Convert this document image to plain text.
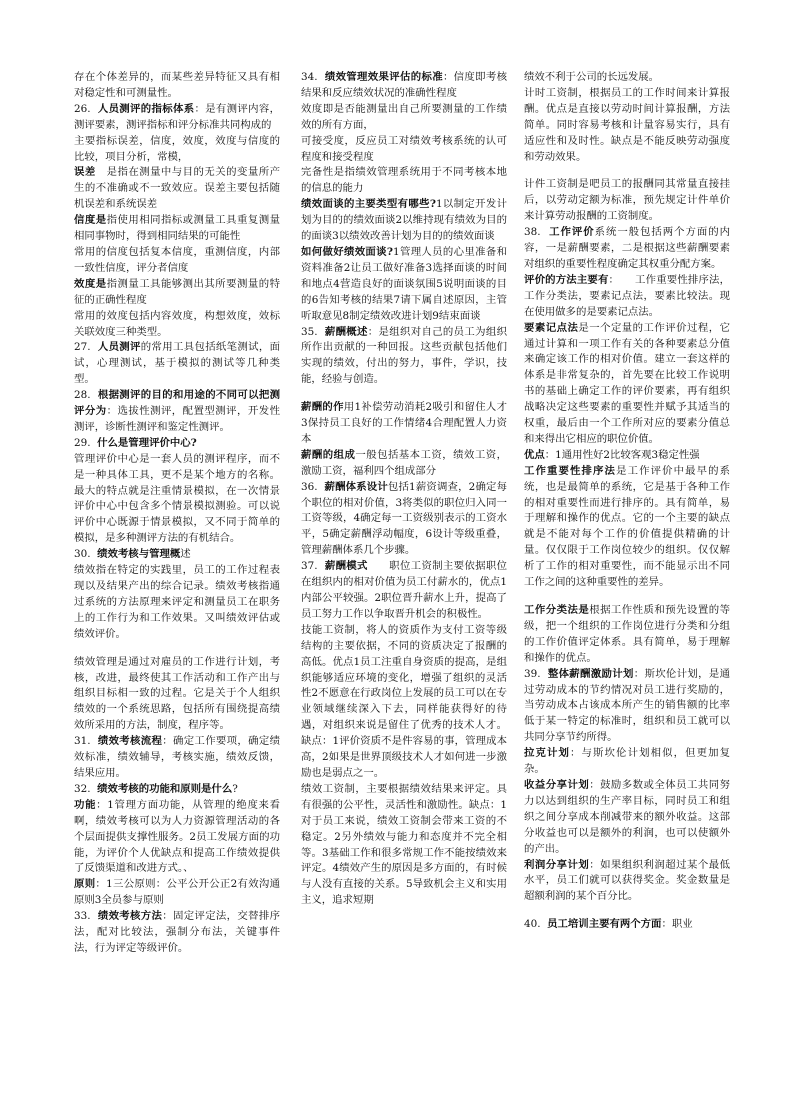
存在个体差异的，而某些差异特征又具有相对稳定性和可测量性。

26. 人员测评的指标体系：是有测评内容，测评要素，测评指标和评分标准共同构成的

主要指标误差，信度，效度，效度与信度的比较，项目分析，常模，

误差　是指在测量中与目的无关的变量所产生的不准确或不一致效应。误差主要包括随机误差和系统误差

信度是指使用相同指标或测量工具重复测量相同事物时，得到相同结果的可能性

常用的信度包括复本信度，重测信度，内部一致性信度，评分者信度

效度是指测量工具能够测出其所要测量的特征的正确性程度

常用的效度包括内容效度，构想效度，效标关联效度三种类型。

27. 人员测评的常用工具包括纸笔测试，面试，心理测试，基于模拟的测试等几种类型。

28. 根据测评的目的和用途的不同可以把测评分为：选拔性测评，配置型测评，开发性测评，诊断性测评和鉴定性测评。

29. 什么是管理评价中心?

管理评价中心是一套人员的测评程序，而不是一种具体工具，更不是某个地方的名称。最大的特点就是注重情景模拟，在一次情景评价中心中包含多个情景模拟测验。可以说评价中心既源于情景模拟，又不同于简单的模拟，是多种测评方法的有机结合。

30. 绩效考核与管理概述

绩效指在特定的实践里，员工的工作过程表现以及结果产出的综合记录。绩效考核指通过系统的方法原理来评定和测量员工在职务上的工作行为和工作效果。又叫绩效评估或绩效评价。

绩效管理是通过对雇员的工作进行计划，考核，改进，最终使其工作活动和工作产出与组织目标相一致的过程。它是关于个人组织绩效的一个系统思路，包括所有围绕提高绩效所采用的方法，制度，程序等。

31. 绩效考核流程：确定工作要项，确定绩效标准，绩效辅导，考核实施，绩效反馈，结果应用。

32. 绩效考核的功能和原则是什么?

功能：1管理方面功能，从管理的绝度来看啊，绩效考核可以为人力资源管理活动的各个层面提供支撑性服务。2员工发展方面的功能，为评价个人优缺点和提高工作绩效提供了反馈渠道和改进方式。、

原则：1三公原则：公平公开公正2有效沟通原则3全员参与原则

33. 绩效考核方法：固定评定法，交替排序法，配对比较法，强制分布法，关键事件法，行为评定等级评价。

34. 绩效管理效果评估的标准：信度即考核结果和反应绩效状况的准确性程度

效度即是否能测量出自己所要测量的工作绩效的所有方面，

可接受度，反应员工对绩效考核系统的认可程度和接受程度

完备性是指绩效管理系统用于不同考核本地的信息的能力

绩效面谈的主要类型有哪些?1以制定开发计划为目的的绩效面谈2以维持现有绩效为目的的面谈3以绩效改善计划为目的的绩效面谈

如何做好绩效面谈?1管理人员的心里准备和资料准备2让员工做好准备3选择面谈的时间和地点4营造良好的面谈氛围5说明面谈的目的6告知考核的结果7请下属自述原因，主管听取意见8制定绩效改进计划9结束面谈

35. 薪酬概述：是组织对自己的员工为组织所作出贡献的一种回报。这些贡献包括他们实现的绩效，付出的努力，事件，学识，技能，经验与创造。

薪酬的作用1补偿劳动消耗2吸引和留住人才3保持员工良好的工作情绪4合理配置人力资本

薪酬的组成一般包括基本工资，绩效工资，激励工资，福利四个组成部分

36. 薪酬体系设计包括1薪资调查，2确定每个职位的相对价值，3将类似的职位归入同一工资等级，4确定每一工资级别表示的工资水平，5确定薪酬浮动幅度，6设计等级重叠，管理薪酬体系几个步骤。

37. 薪酬模式　　职位工资制主要依据职位在组织内的相对价值为员工付薪水的，优点1内部公平较强。2职位晋升薪水上升，提高了员工努力工作以争取晋升机会的积极性。

技能工资制，将人的资质作为支付工资等级结构的主要依据，不同的资质决定了报酬的高低。优点1员工注重自身资质的提高，是组织能够适应环境的变化，增强了组织的灵活性2不愿意在行政岗位上发展的员工可以在专业领域继续深入下去，同样能获得好的待遇，对组织来说是留住了优秀的技术人才。缺点：1评价资质不是件容易的事，管理成本高，2如果是世界顶级技术人才如何进一步激励也是弱点之一。

绩效工资制，主要根据绩效结果来评定。具有很强的公平性，灵活性和激励性。缺点：1对于员工来说，绩效工资制会带来工资的不稳定。2另外绩效与能力和态度并不完全相等。3基础工作和很多常规工作不能按绩效来评定。4绩效产生的原因是多方面的，有时候与人没有直接的关系。5导致机会主义和实用主义，追求短期

绩效不利于公司的长远发展。

计时工资制，根据员工的工作时间来计算报酬。优点是直接以劳动时间计算报酬，方法简单。同时容易考核和计量容易实行，具有适应性和及时性。缺点是不能反映劳动强度和劳动效果。

计件工资制是吧员工的报酬同其常量直接挂后，以劳动定额为标准，预先规定计件单价来计算劳动报酬的工资制度。

38. 工作评价系统一般包括两个方面的内容，一是薪酬要素，二是根据这些薪酬要素对组织的重要性程度确定其权重分配方案。

评价的方法主要有：　　工作重要性排序法，工作分类法，要素记点法，要素比较法。现在使用做多的是要素记点法。

要素记点法是一个定量的工作评价过程，它通过计算和一项工作有关的各种要素总分值来确定该工作的相对价值。建立一套这样的体系是非常复杂的，首先要在比较工作说明书的基础上确定工作的评价要素，再有组织战略决定这些要素的重要性并赋予其适当的权重，最后由一个工作所对应的要素分值总和来得出它相应的职位价值。

优点：1通用性好2比较客观3稳定性强

工作重要性排序法是工作评价中最早的系统，也是最简单的系统，它是基于各种工作的相对重要性而进行排序的。具有简单，易于理解和操作的优点。它的一个主要的缺点就是不能对每个工作的价值提供精确的计量。仅仅限于工作岗位较少的组织。仅仅解析了工作的相对重要性，而不能显示出不同工作之间的这种重要性的差异。

工作分类法是根据工作性质和预先设置的等级，把一个组织的工作岗位进行分类和分组的工作价值评定体系。具有简单，易于理解和操作的优点。

39. 整体薪酬激励计划：斯坎伦计划，是通过劳动成本的节约情况对员工进行奖励的，当劳动成本占该成本所产生的销售额的比率低于某一特定的标准时，组织和员工就可以共同分享节约所得。

拉克计划：与斯坎伦计划相似，但更加复杂。

收益分享计划：鼓励多数或全体员工共同努力以达到组织的生产率目标，同时员工和组织之间分享成本削减带来的额外收益。这部分收益也可以是额外的利润，也可以使额外的产出。

利润分享计划：如果组织利润超过某个最低水平，员工们就可以获得奖金。奖金数量是超额利润的某个百分比。

40. 员工培训主要有两个方面：职业
